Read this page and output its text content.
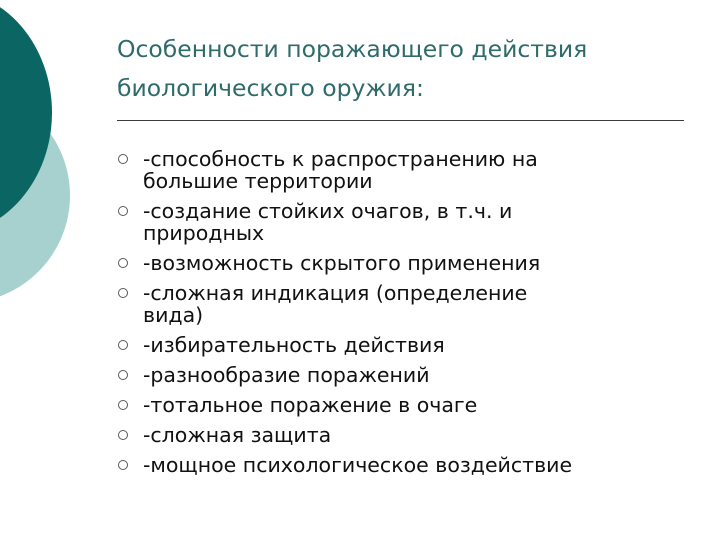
Особенности поражающего действия
биологического оружия:
-способность к распространению на
большие территории
-создание стойких очагов, в т.ч. и
природных
-возможность скрытого применения
-сложная индикация (определение
вида)
-избирательность действия
-разнообразие поражений
-тотальное поражение в очаге
-сложная защита
-мощное психологическое воздействие
